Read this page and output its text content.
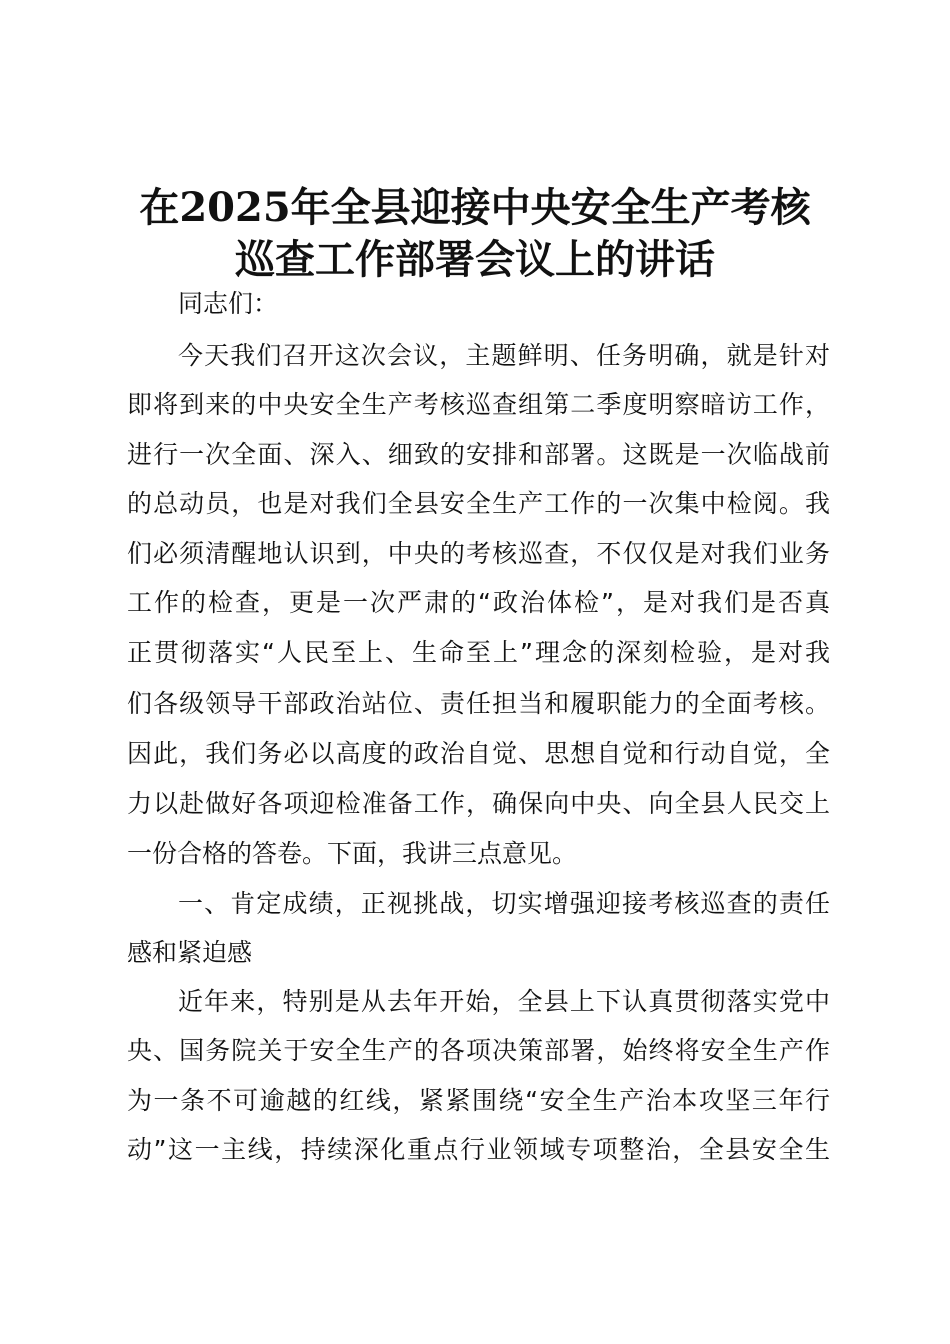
在2025年全县迎接中央安全生产考核
巡查工作部署会议上的讲话
同志们：
今天我们召开这次会议，主题鲜明、任务明确，就是针对
即将到来的中央安全生产考核巡查组第二季度明察暗访工作，
进行一次全面、深入、细致的安排和部署。这既是一次临战前
的总动员，也是对我们全县安全生产工作的一次集中检阅。我
们必须清醒地认识到，中央的考核巡查，不仅仅是对我们业务
工作的检查，更是一次严肃的“政治体检”，是对我们是否真
正贯彻落实“人民至上、生命至上”理念的深刻检验，是对我
们各级领导干部政治站位、责任担当和履职能力的全面考核。
因此，我们务必以高度的政治自觉、思想自觉和行动自觉，全
力以赴做好各项迎检准备工作，确保向中央、向全县人民交上
一份合格的答卷。下面，我讲三点意见。
一、肯定成绩，正视挑战，切实增强迎接考核巡查的责任
感和紧迫感
近年来，特别是从去年开始，全县上下认真贯彻落实党中
央、国务院关于安全生产的各项决策部署，始终将安全生产作
为一条不可逾越的红线，紧紧围绕“安全生产治本攻坚三年行
动”这一主线，持续深化重点行业领域专项整治，全县安全生
